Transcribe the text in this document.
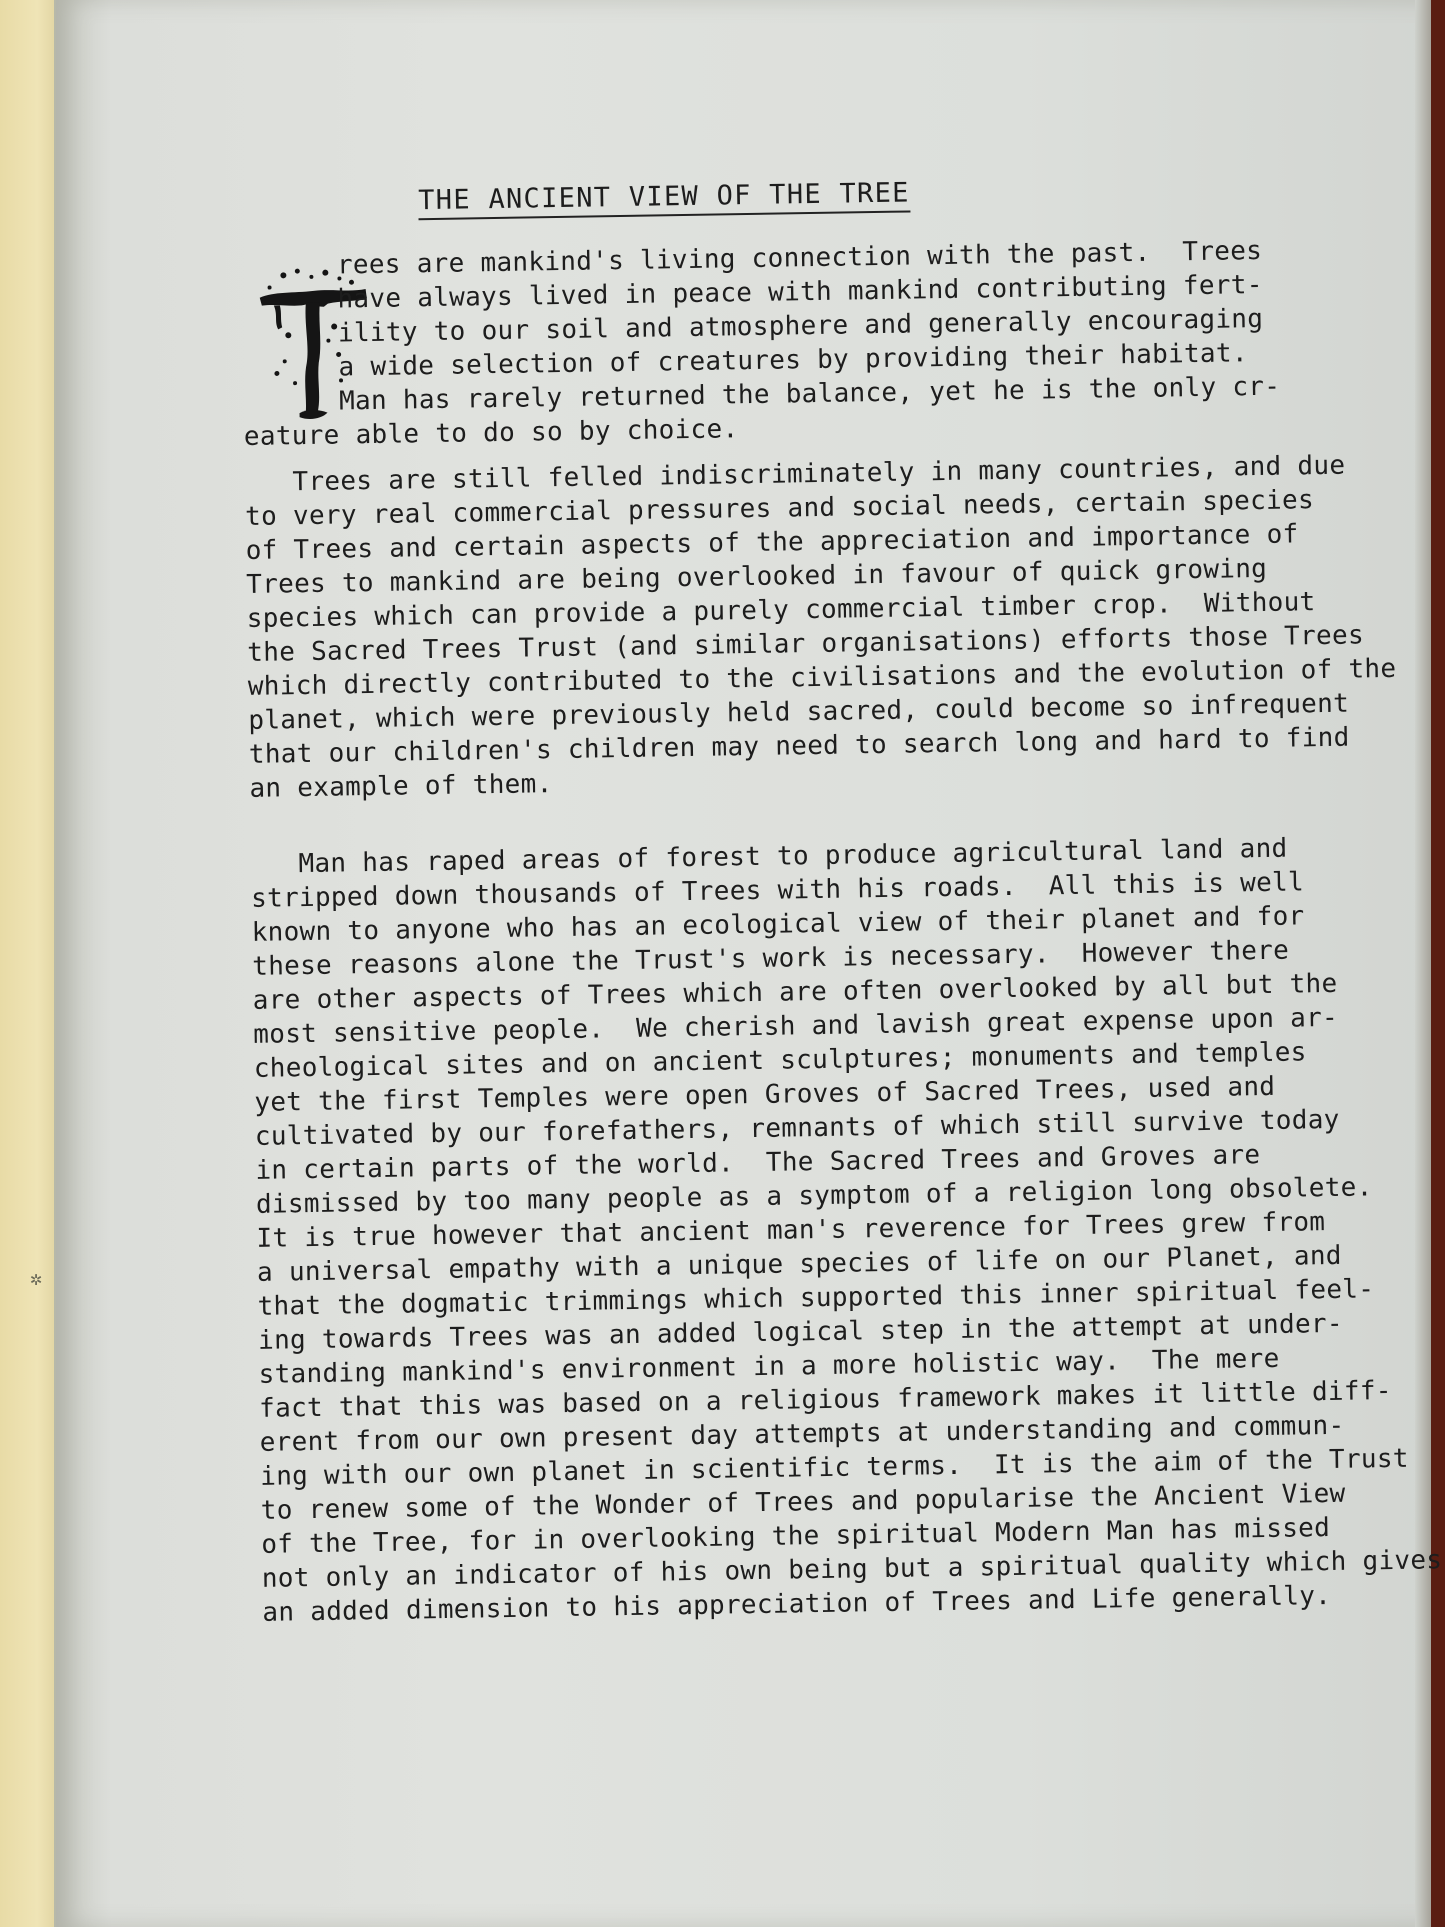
✲
THE ANCIENT VIEW OF THE TREE
rees are mankind's living connection with the past.  Trees
have always lived in peace with mankind contributing fert-
ility to our soil and atmosphere and generally encouraging
a wide selection of creatures by providing their habitat.
Man has rarely returned the balance, yet he is the only cr-
eature able to do so by choice.
Trees are still felled indiscriminately in many countries, and due
to very real commercial pressures and social needs, certain species
of Trees and certain aspects of the appreciation and importance of
Trees to mankind are being overlooked in favour of quick growing
species which can provide a purely commercial timber crop.  Without
the Sacred Trees Trust (and similar organisations) efforts those Trees
which directly contributed to the civilisations and the evolution of the
planet, which were previously held sacred, could become so infrequent
that our children's children may need to search long and hard to find
an example of them.
Man has raped areas of forest to produce agricultural land and
stripped down thousands of Trees with his roads.  All this is well
known to anyone who has an ecological view of their planet and for
these reasons alone the Trust's work is necessary.  However there
are other aspects of Trees which are often overlooked by all but the
most sensitive people.  We cherish and lavish great expense upon ar-
cheological sites and on ancient sculptures; monuments and temples
yet the first Temples were open Groves of Sacred Trees, used and
cultivated by our forefathers, remnants of which still survive today
in certain parts of the world.  The Sacred Trees and Groves are
dismissed by too many people as a symptom of a religion long obsolete.
It is true however that ancient man's reverence for Trees grew from
a universal empathy with a unique species of life on our Planet, and
that the dogmatic trimmings which supported this inner spiritual feel-
ing towards Trees was an added logical step in the attempt at under-
standing mankind's environment in a more holistic way.  The mere
fact that this was based on a religious framework makes it little diff-
erent from our own present day attempts at understanding and commun-
ing with our own planet in scientific terms.  It is the aim of the Trust
to renew some of the Wonder of Trees and popularise the Ancient View
of the Tree, for in overlooking the spiritual Modern Man has missed
not only an indicator of his own being but a spiritual quality which gives
an added dimension to his appreciation of Trees and Life generally.
